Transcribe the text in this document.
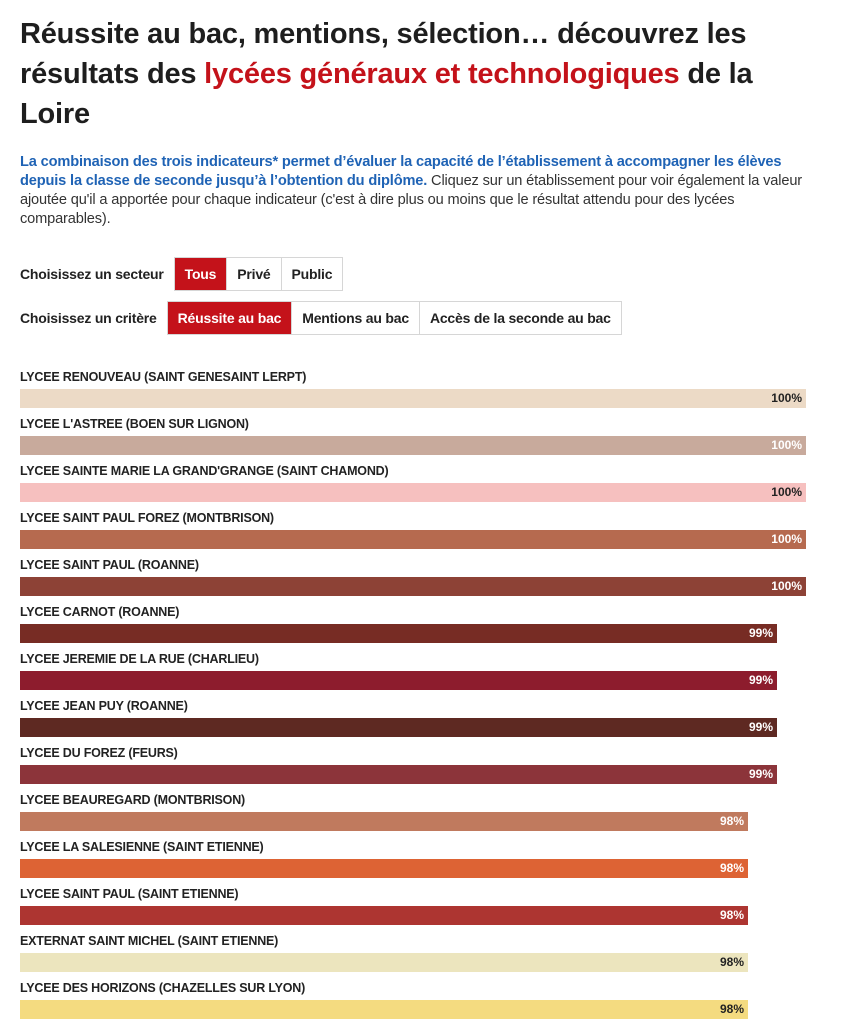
Réussite au bac, mentions, sélection… découvrez les résultats des lycées généraux et technologiques de la Loire

La combinaison des trois indicateurs* permet d’évaluer la capacité de l’établissement à accompagner les élèves depuis la classe de seconde jusqu’à l’obtention du diplôme. Cliquez sur un établissement pour voir également la valeur ajoutée qu'il a apportée pour chaque indicateur (c'est à dire plus ou moins que le résultat attendu pour des lycées comparables).

Choisissez un secteur	Tous	Privé	Public
Choisissez un critère	Réussite au bac	Mentions au bac	Accès de la seconde au bac
LYCEE RENOUVEAU (SAINT GENESAINT LERPT)
100%
LYCEE L'ASTREE (BOEN SUR LIGNON)
100%
LYCEE SAINTE MARIE LA GRAND'GRANGE (SAINT CHAMOND)
100%
LYCEE SAINT PAUL FOREZ (MONTBRISON)
100%
LYCEE SAINT PAUL (ROANNE)
100%
LYCEE CARNOT (ROANNE)
99%
LYCEE JEREMIE DE LA RUE (CHARLIEU)
99%
LYCEE JEAN PUY (ROANNE)
99%
LYCEE DU FOREZ (FEURS)
99%
LYCEE BEAUREGARD (MONTBRISON)
98%
LYCEE LA SALESIENNE (SAINT ETIENNE)
98%
LYCEE SAINT PAUL (SAINT ETIENNE)
98%
EXTERNAT SAINT MICHEL (SAINT ETIENNE)
98%
LYCEE DES HORIZONS (CHAZELLES SUR LYON)
98%
